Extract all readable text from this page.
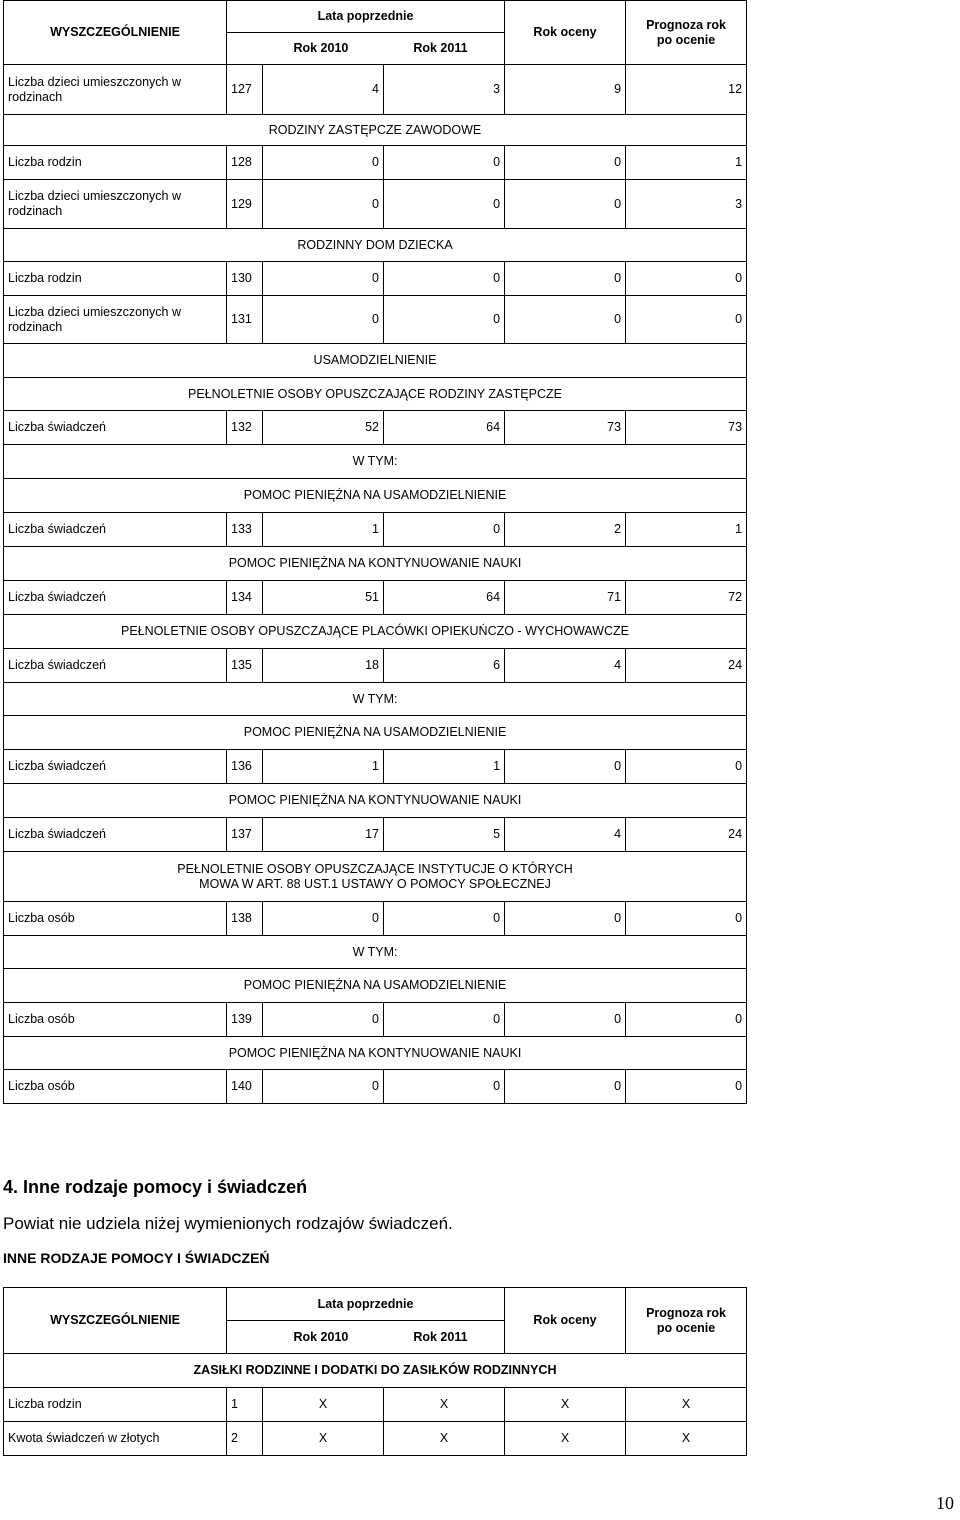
WYSZCZEGÓLNIENIE	Lata poprzednie			Rok oceny	Prognoza rok
po ocenie

	Rok 2010 Rok 2011				

Liczba dzieci umieszczonych w rodzinach	127	4	3	9	12
RODZINY ZASTĘPCZE ZAWODOWE					
Liczba rodzin	128	0	0	0	1
Liczba dzieci umieszczonych w rodzinach	129	0	0	0	3
RODZINNY DOM DZIECKA					
Liczba rodzin	130	0	0	0	0
Liczba dzieci umieszczonych w rodzinach	131	0	0	0	0
USAMODZIELNIENIE					
PEŁNOLETNIE OSOBY OPUSZCZAJĄCE RODZINY ZASTĘPCZE					
Liczba świadczeń	132	52	64	73	73
W TYM:					
POMOC PIENIĘŻNA NA USAMODZIELNIENIE					
Liczba świadczeń	133	1	0	2	1
POMOC PIENIĘŻNA NA KONTYNUOWANIE NAUKI					
Liczba świadczeń	134	51	64	71	72
PEŁNOLETNIE OSOBY OPUSZCZAJĄCE PLACÓWKI OPIEKUŃCZO - WYCHOWAWCZE					
Liczba świadczeń	135	18	6	4	24
W TYM:					
POMOC PIENIĘŻNA NA USAMODZIELNIENIE					
Liczba świadczeń	136	1	1	0	0
POMOC PIENIĘŻNA NA KONTYNUOWANIE NAUKI					
Liczba świadczeń	137	17	5	4	24

PEŁNOLETNIE OSOBY OPUSZCZAJĄCE INSTYTUCJE O KTÓRYCH
MOWA W ART. 88 UST.1 USTAWY O POMOCY SPOŁECZNEJ					

Liczba osób	138	0	0	0	0
W TYM:					
POMOC PIENIĘŻNA NA USAMODZIELNIENIE					
Liczba osób	139	0	0	0	0
POMOC PIENIĘŻNA NA KONTYNUOWANIE NAUKI					
Liczba osób	140	0	0	0	0
4. Inne rodzaje pomocy i świadczeń
Powiat nie udziela niżej wymienionych rodzajów świadczeń.
INNE RODZAJE POMOCY I ŚWIADCZEŃ
WYSZCZEGÓLNIENIE	Lata poprzednie			Rok oceny	Prognoza rok
po ocenie

	Rok 2010 Rok 2011				

ZASIŁKI RODZINNE I DODATKI DO ZASIŁKÓW RODZINNYCH					
Liczba rodzin	1	X	X	X	X
Kwota świadczeń w złotych	2	X	X	X	X
10
